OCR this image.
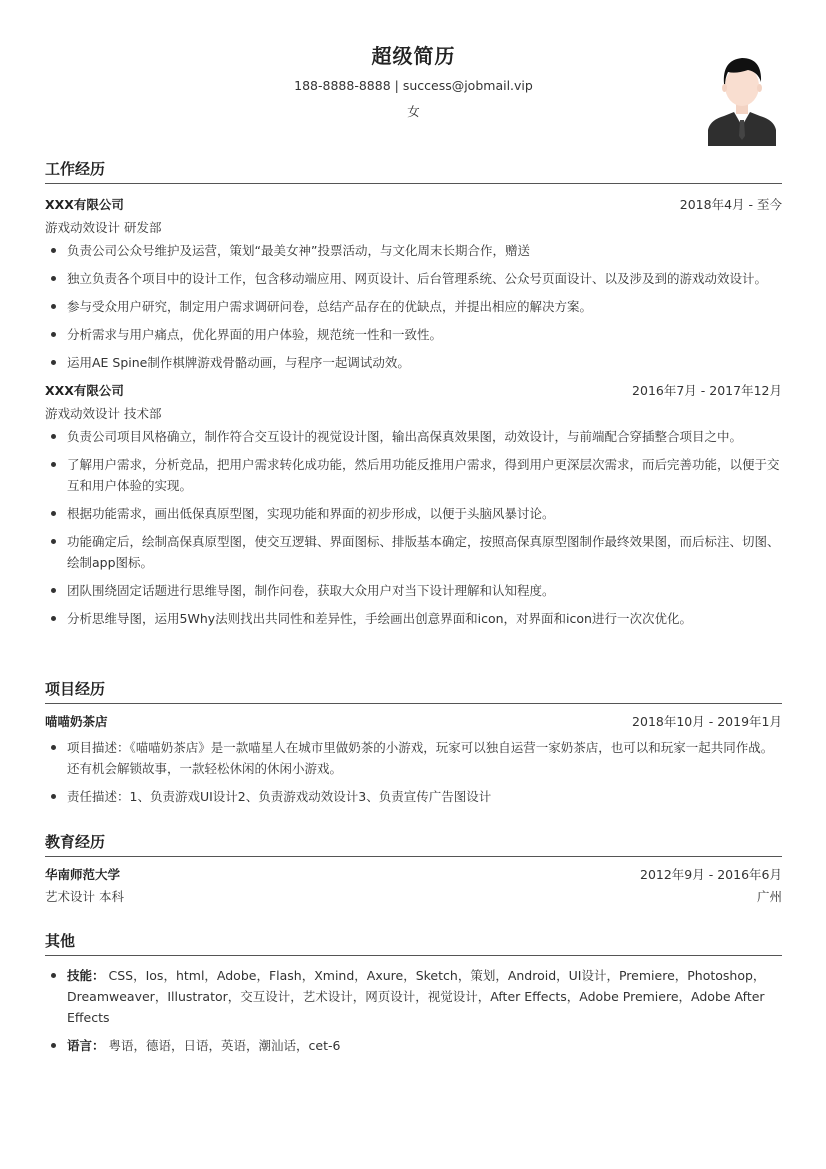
超级简历
188-8888-8888 | success@jobmail.vip
女
工作经历
XXX有限公司	2018年4月 - 至今
游戏动效设计 研发部
负责公司公众号维护及运营，策划“最美女神”投票活动，与文化周末长期合作，赠送
独立负责各个项目中的设计工作，包含移动端应用、网页设计、后台管理系统、公众号页面设计、以及涉及到的游戏动效设计。
参与受众用户研究，制定用户需求调研问卷，总结产品存在的优缺点，并提出相应的解决方案。
分析需求与用户痛点，优化界面的用户体验，规范统一性和一致性。
运用AE Spine制作棋牌游戏骨骼动画，与程序一起调试动效。
XXX有限公司	2016年7月 - 2017年12月
游戏动效设计 技术部
负责公司项目风格确立，制作符合交互设计的视觉设计图，输出高保真效果图，动效设计，与前端配合穿插整合项目之中。
了解用户需求，分析竞品，把用户需求转化成功能，然后用功能反推用户需求，得到用户更深层次需求，而后完善功能，以便于交互和用户体验的实现。
根据功能需求，画出低保真原型图，实现功能和界面的初步形成，以便于头脑风暴讨论。
功能确定后，绘制高保真原型图，使交互逻辑、界面图标、排版基本确定，按照高保真原型图制作最终效果图，而后标注、切图、绘制app图标。
团队围绕固定话题进行思维导图，制作问卷，获取大众用户对当下设计理解和认知程度。
分析思维导图，运用5Why法则找出共同性和差异性，手绘画出创意界面和icon，对界面和icon进行一次次优化。
项目经历
喵喵奶茶店	2018年10月 - 2019年1月
项目描述：《喵喵奶茶店》是一款喵星人在城市里做奶茶的小游戏，玩家可以独自运营一家奶茶店，也可以和玩家一起共同作战。还有机会解锁故事，一款轻松休闲的休闲小游戏。
责任描述：1、负责游戏UI设计2、负责游戏动效设计3、负责宣传广告图设计
教育经历
华南师范大学	2012年9月 - 2016年6月
艺术设计 本科	广州
其他
技能： CSS，Ios，html，Adobe，Flash，Xmind，Axure，Sketch，策划，Android，UI设计，Premiere，Photoshop，Dreamweaver，Illustrator，交互设计，艺术设计，网页设计，视觉设计，After Effects，Adobe Premiere，Adobe After Effects
语言： 粤语，德语，日语，英语，潮汕话，cet-6
